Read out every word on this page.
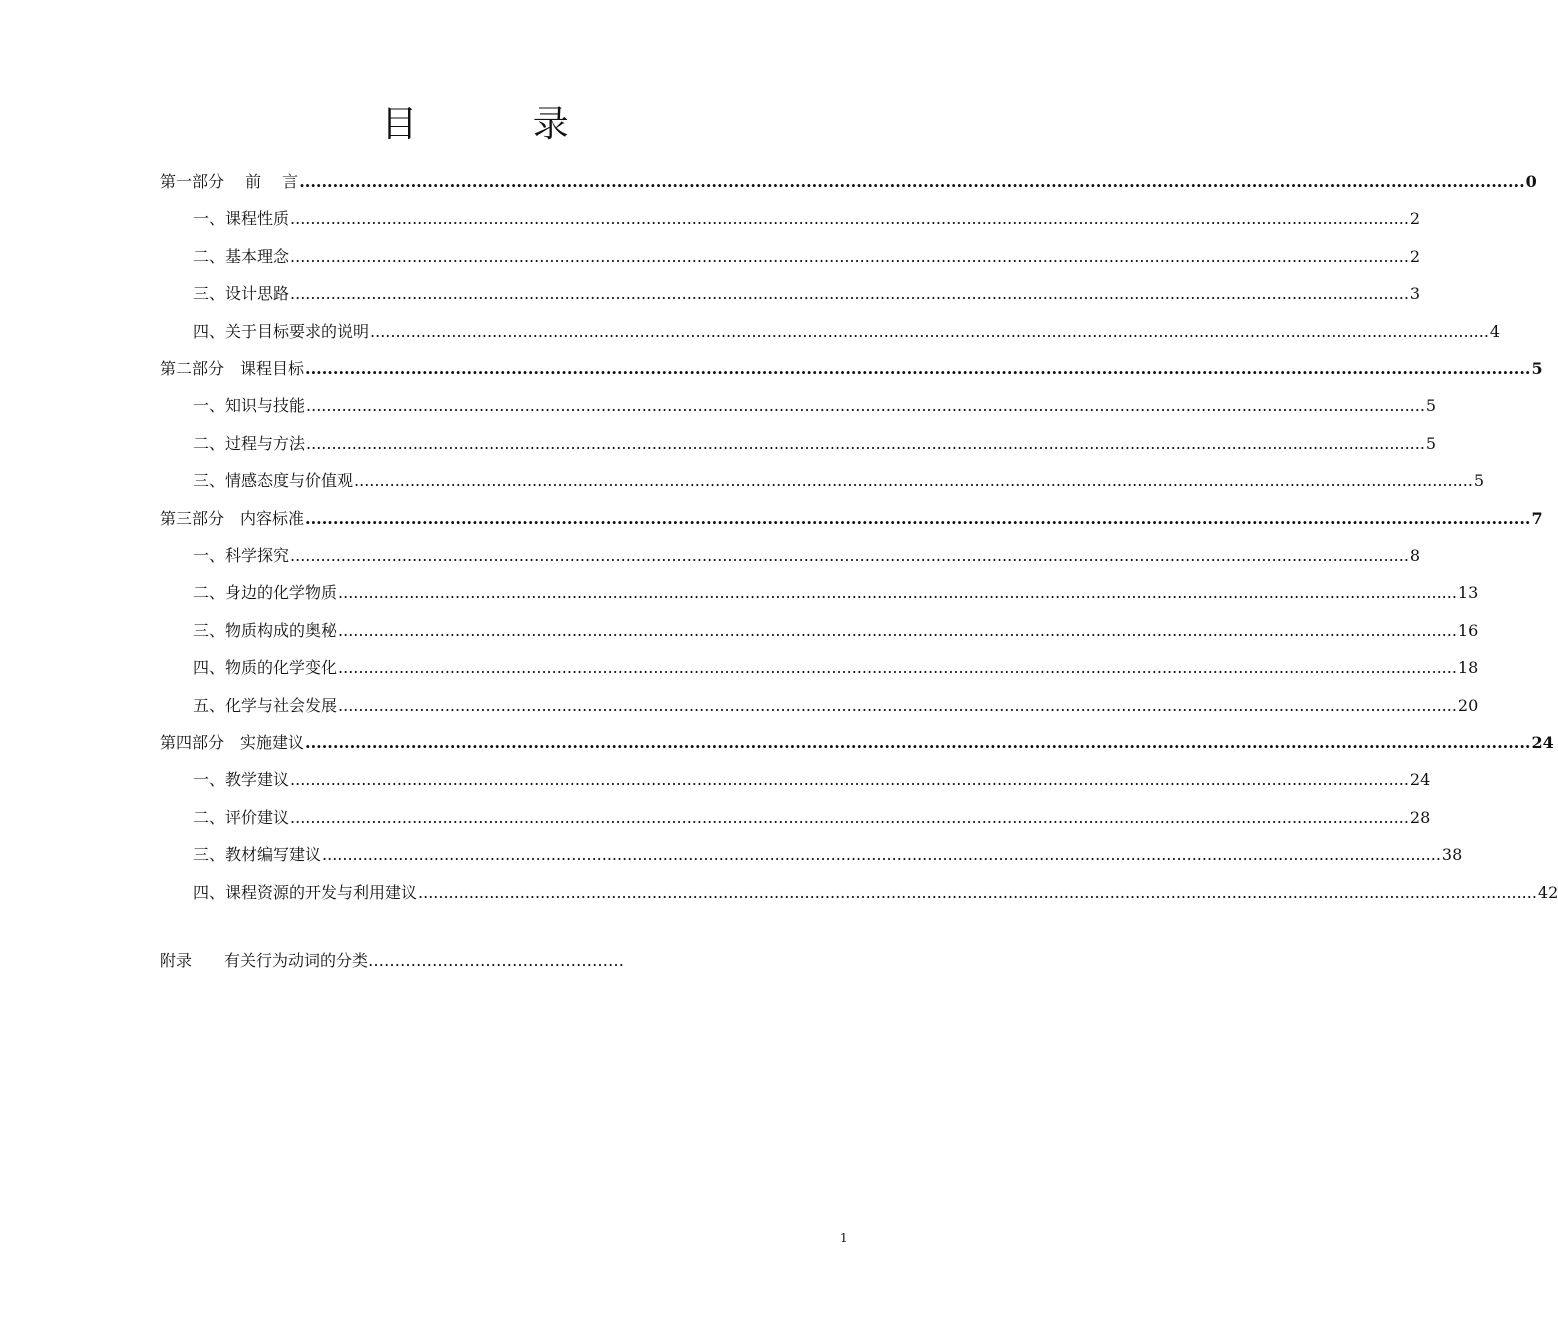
目 录
第一部分　 前　 言 ............................................................................................................................................................................................................................ 0
一、课程性质 ............................................................................................................................................................................................................................ 2
二、基本理念 ............................................................................................................................................................................................................................ 2
三、设计思路 ............................................................................................................................................................................................................................ 3
四、关于目标要求的说明 ............................................................................................................................................................................................................................ 4
第二部分　课程目标 ............................................................................................................................................................................................................................ 5
一、知识与技能 ............................................................................................................................................................................................................................ 5
二、过程与方法 ............................................................................................................................................................................................................................ 5
三、情感态度与价值观 ............................................................................................................................................................................................................................ 5
第三部分　内容标准 ............................................................................................................................................................................................................................ 7
一、科学探究 ............................................................................................................................................................................................................................ 8
二、身边的化学物质 ............................................................................................................................................................................................................................ 13
三、物质构成的奥秘 ............................................................................................................................................................................................................................ 16
四、物质的化学变化 ............................................................................................................................................................................................................................ 18
五、化学与社会发展 ............................................................................................................................................................................................................................ 20
第四部分　实施建议 ............................................................................................................................................................................................................................ 24
一、教学建议 ............................................................................................................................................................................................................................ 24
二、评价建议 ............................................................................................................................................................................................................................ 28
三、教材编写建议 ............................................................................................................................................................................................................................ 38
四、课程资源的开发与利用建议 ............................................................................................................................................................................................................................ 42
附录　　有关行为动词的分类…………………………………………
1
